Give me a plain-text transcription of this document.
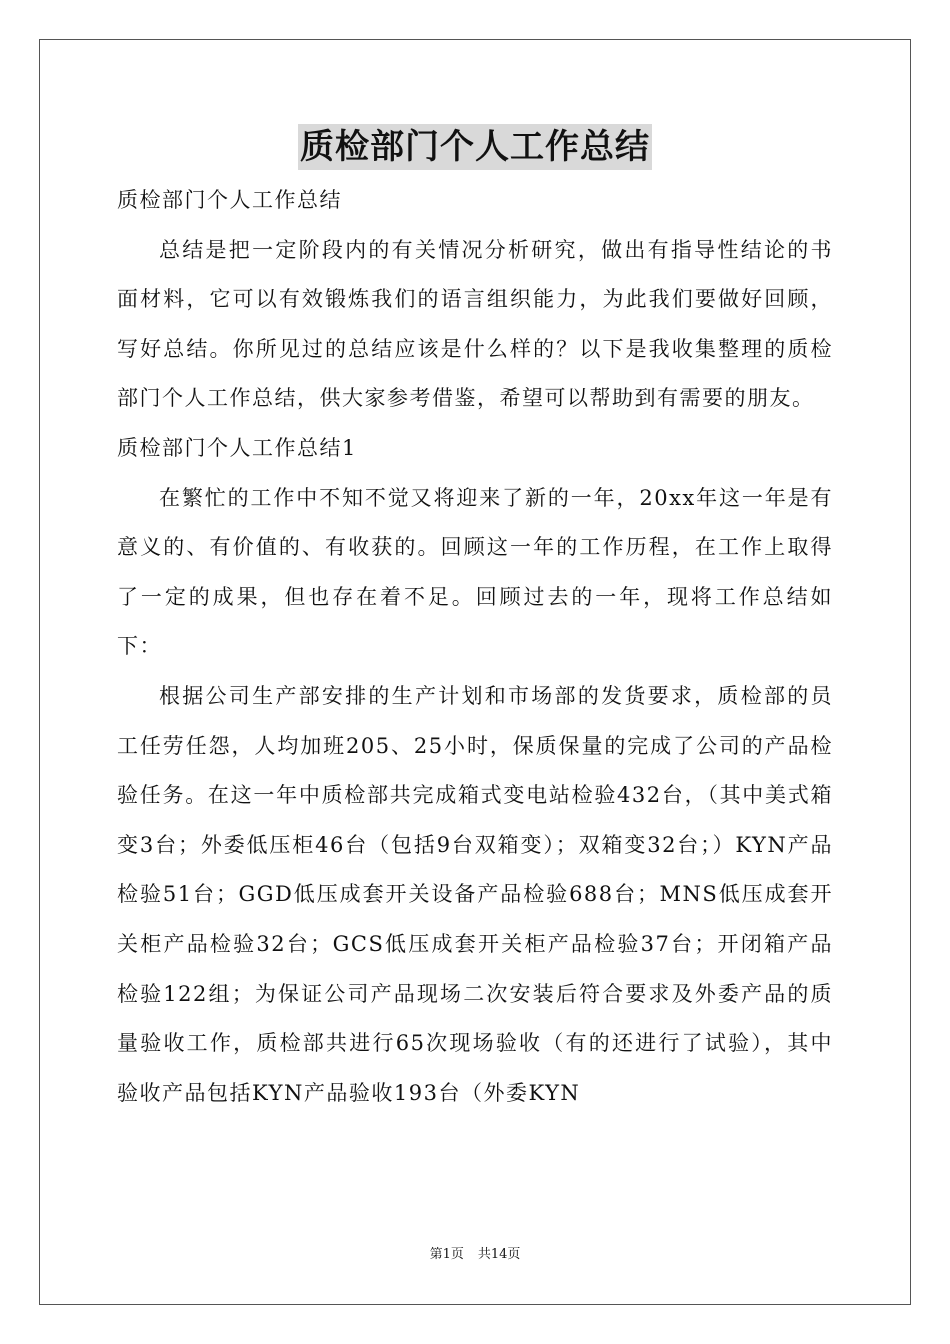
质检部门个人工作总结

质检部门个人工作总结

总结是把一定阶段内的有关情况分析研究，做出有指导性结论的书面材料，它可以有效锻炼我们的语言组织能力，为此我们要做好回顾，写好总结。你所见过的总结应该是什么样的？以下是我收集整理的质检部门个人工作总结，供大家参考借鉴，希望可以帮助到有需要的朋友。

质检部门个人工作总结1

在繁忙的工作中不知不觉又将迎来了新的一年，20xx年这一年是有意义的、有价值的、有收获的。回顾这一年的工作历程，在工作上取得了一定的成果，但也存在着不足。回顾过去的一年，现将工作总结如下：

根据公司生产部安排的生产计划和市场部的发货要求，质检部的员工任劳任怨，人均加班205、25小时，保质保量的完成了公司的产品检验任务。在这一年中质检部共完成箱式变电站检验432台，（其中美式箱变3台；外委低压柜46台（包括9台双箱变）；双箱变32台；）KYN产品检验51台；GGD低压成套开关设备产品检验688台；MNS低压成套开关柜产品检验32台；GCS低压成套开关柜产品检验37台；开闭箱产品检验122组；为保证公司产品现场二次安装后符合要求及外委产品的质量验收工作，质检部共进行65次现场验收（有的还进行了试验），其中验收产品包括KYN产品验收193台（外委KYN

第1页 共14页
